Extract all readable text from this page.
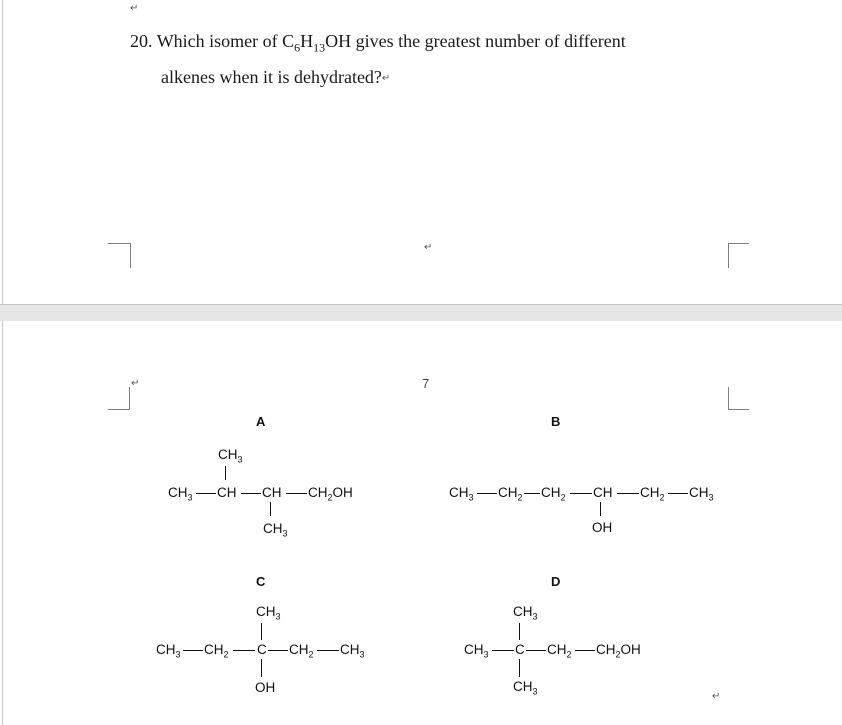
↵
20. Which isomer of $C_6H_{13}OH$ gives the greatest number of different
alkenes when it is dehydrated?↵
↵
↵	7
↵
A
$CH_3$
$CH_3$ CH CH $CH_2OH$
$CH_3$
B
$CH_3$ $CH_2$ $CH_2$ CH $CH_2$ $CH_3$
OH
C
$CH_3$
$CH_3$ $CH_2$ C $CH_2$ $CH_3$
OH
D
$CH_3$
$CH_3$ C $CH_2$ $CH_2OH$
$CH_3$
